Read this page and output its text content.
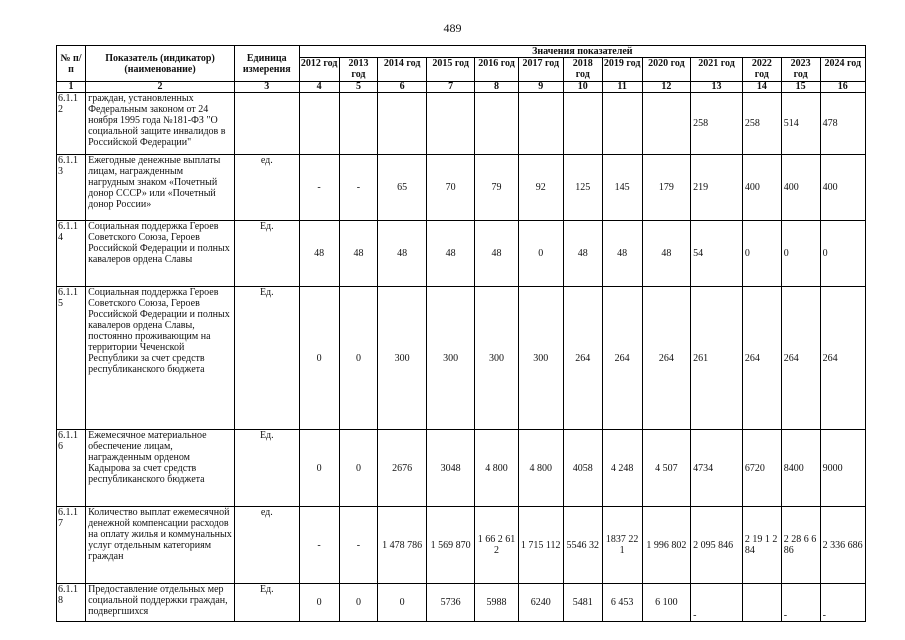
489
№ п/п	Показатель (индикатор) (наименование)	Единица измерения	Значения показателей												
			2012 год	2013 год	2014 год	2015 год	2016 год	2017 год	2018 год	2019 год	2020 год	2021 год	2022 год	2023 год	2024 год
1	2	3	4	5	6	7	8	9	10	11	12	13	14	15	16
6.1.1 2	граждан, установленных Федеральным законом от 24 ноября 1995 года №181-ФЗ "О социальной защите инвалидов в Российской Федерации"											258	258	514	478
6.1.1 3	Ежегодные денежные выплаты лицам, награжденным нагрудным знаком «Почетный донор СССР» или «Почетный донор России»	ед.	-	-	65	70	79	92	125	145	179	219	400	400	400
6.1.1 4	Социальная поддержка Героев Советского Союза, Героев Российской Федерации и полных кавалеров ордена Славы	Ед.	48	48	48	48	48	0	48	48	48	54	0	0	0
6.1.1 5	Социальная поддержка Героев Советского Союза, Героев Российской Федерации и полных кавалеров ордена Славы, постоянно проживающим на территории Чеченской Республики за счет средств республиканского бюджета	Ед.	0	0	300	300	300	300	264	264	264	261	264	264	264
6.1.1 6	Ежемесячное материальное обеспечение лицам, награжденным орденом Кадырова за счет средств республиканского бюджета	Ед.	0	0	2676	3048	4 800	4 800	4058	4 248	4 507	4734	6720	8400	9000
6.1.1 7	Количество выплат ежемесячной денежной компенсации расходов на оплату жилья и коммунальных услуг отдельным категориям граждан	ед.	-	-	1 478 786	1 569 870	1 66 2 612	1 715 112	5546 32	1837 221	1 996 802	2 095 846	2 19 1 284	2 28 6 686	2 336 686
6.1.1 8	Предоставление отдельных мер социальной поддержки граждан, подвергшихся	Ед.	0	0	0	5736	5988	6240	5481	6 453	6 100	-		-	-
